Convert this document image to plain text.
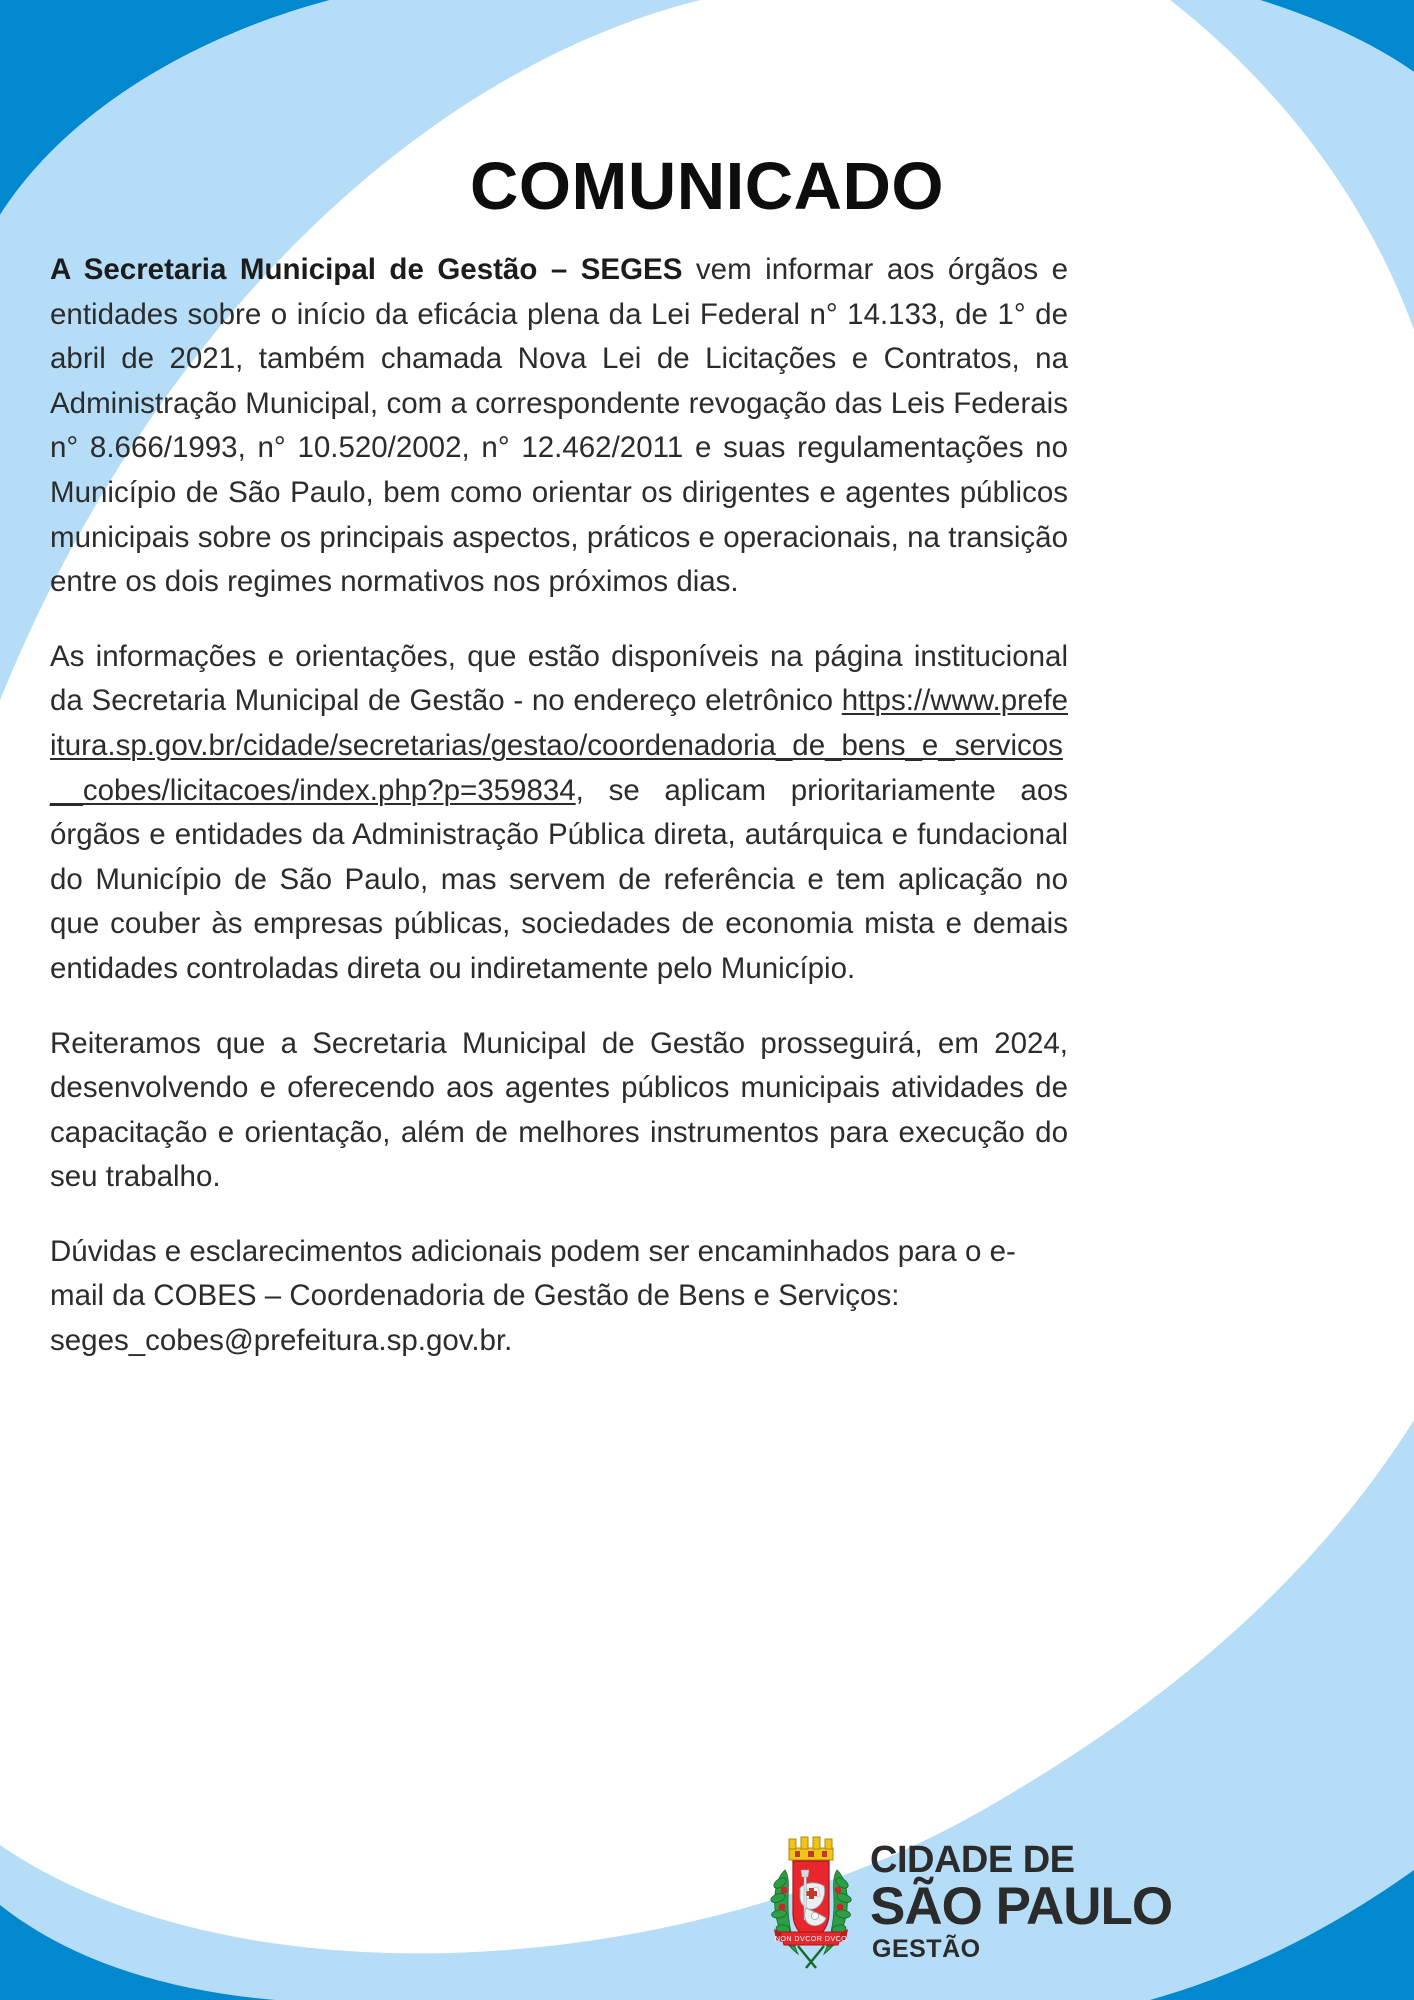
COMUNICADO

A Secretaria Municipal de Gestão – SEGES vem informar aos órgãos e entidades sobre o início da eficácia plena da Lei Federal n° 14.133, de 1° de abril de 2021, também chamada Nova Lei de Licitações e Contratos, na Administração Municipal, com a correspondente revogação das Leis Federais n° 8.666/1993, n° 10.520/2002, n° 12.462/2011 e suas regulamentações no Município de São Paulo, bem como orientar os dirigentes e agentes públicos municipais sobre os principais aspectos, práticos e operacionais, na transição entre os dois regimes normativos nos próximos dias.

As informações e orientações, que estão disponíveis na página institucional da Secretaria Municipal de Gestão - no endereço eletrônico https://www.prefeitura.sp.gov.br/cidade/secretarias/gestao/coordenadoria_de_bens_e_servicos__cobes/licitacoes/index.php?p=359834, se aplicam prioritariamente aos órgãos e entidades da Administração Pública direta, autárquica e fundacional do Município de São Paulo, mas servem de referência e tem aplicação no que couber às empresas públicas, sociedades de economia mista e demais entidades controladas direta ou indiretamente pelo Município.

Reiteramos que a Secretaria Municipal de Gestão prosseguirá, em 2024, desenvolvendo e oferecendo aos agentes públicos municipais atividades de capacitação e orientação, além de melhores instrumentos para execução do seu trabalho.

Dúvidas e esclarecimentos adicionais podem ser encaminhados para o e-mail da COBES – Coordenadoria de Gestão de Bens e Serviços: seges_cobes@prefeitura.sp.gov.br.

NON DVCOR DVCO
CIDADE DE
SÃO PAULO
GESTÃO
